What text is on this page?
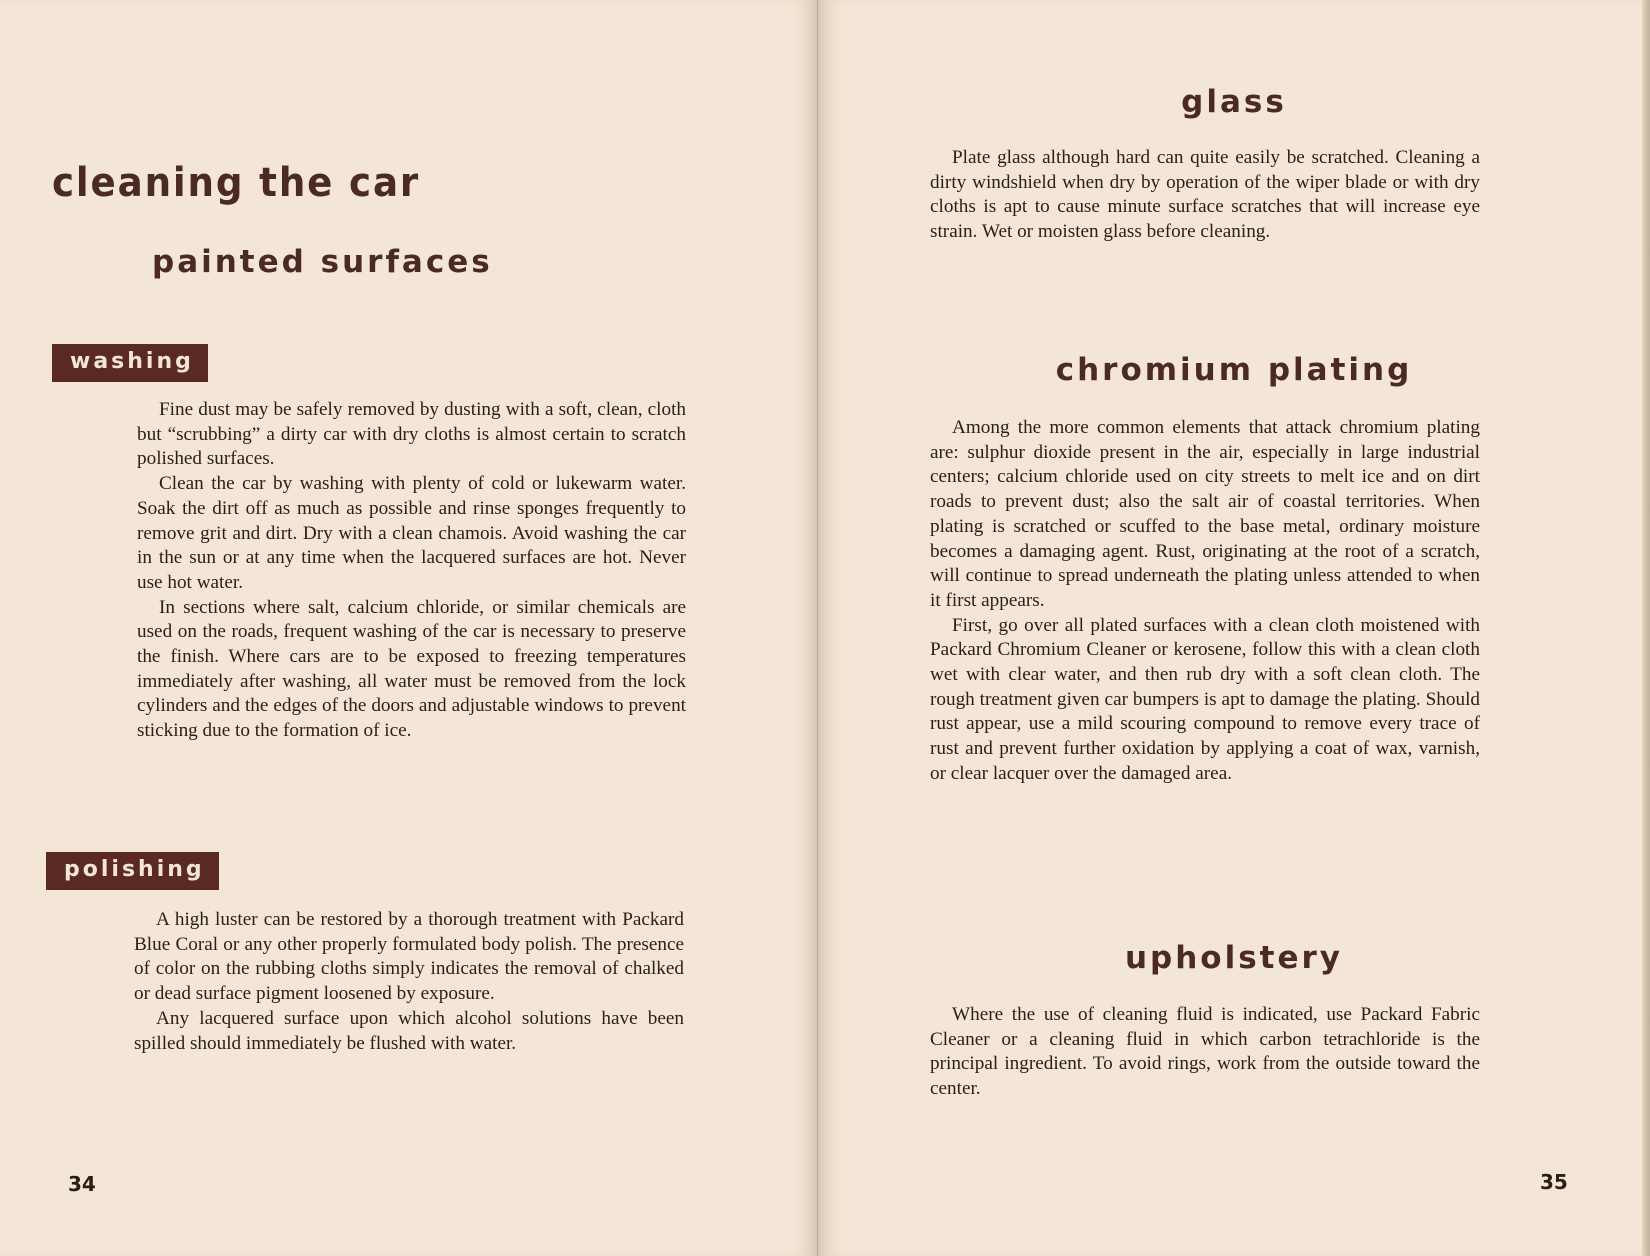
cleaning the car
painted surfaces
washing

Fine dust may be safely removed by dusting with a soft, clean, cloth but “scrubbing” a dirty car with dry cloths is almost certain to scratch polished surfaces.

Clean the car by washing with plenty of cold or lukewarm water. Soak the dirt off as much as possible and rinse sponges frequently to remove grit and dirt. Dry with a clean chamois. Avoid washing the car in the sun or at any time when the lacquered surfaces are hot. Never use hot water.

In sections where salt, calcium chloride, or similar chemicals are used on the roads, frequent washing of the car is necessary to preserve the finish. Where cars are to be exposed to freezing temperatures immediately after washing, all water must be removed from the lock cylinders and the edges of the doors and adjustable windows to prevent sticking due to the formation of ice.

polishing

A high luster can be restored by a thorough treatment with Packard Blue Coral or any other properly formulated body polish. The presence of color on the rubbing cloths simply indicates the removal of chalked or dead surface pigment loosened by exposure.

Any lacquered surface upon which alcohol solutions have been spilled should immediately be flushed with water.

34
glass

Plate glass although hard can quite easily be scratched. Cleaning a dirty windshield when dry by operation of the wiper blade or with dry cloths is apt to cause minute surface scratches that will increase eye strain. Wet or moisten glass before cleaning.

chromium plating

Among the more common elements that attack chromium plating are: sulphur dioxide present in the air, especially in large industrial centers; calcium chloride used on city streets to melt ice and on dirt roads to prevent dust; also the salt air of coastal territories. When plating is scratched or scuffed to the base metal, ordinary moisture becomes a damaging agent. Rust, originating at the root of a scratch, will continue to spread underneath the plating unless attended to when it first appears.

First, go over all plated surfaces with a clean cloth moistened with Packard Chromium Cleaner or kerosene, follow this with a clean cloth wet with clear water, and then rub dry with a soft clean cloth. The rough treatment given car bumpers is apt to damage the plating. Should rust appear, use a mild scouring compound to remove every trace of rust and prevent further oxidation by applying a coat of wax, varnish, or clear lacquer over the damaged area.

upholstery

Where the use of cleaning fluid is indicated, use Packard Fabric Cleaner or a cleaning fluid in which carbon tetrachloride is the principal ingredient. To avoid rings, work from the outside toward the center.

35
